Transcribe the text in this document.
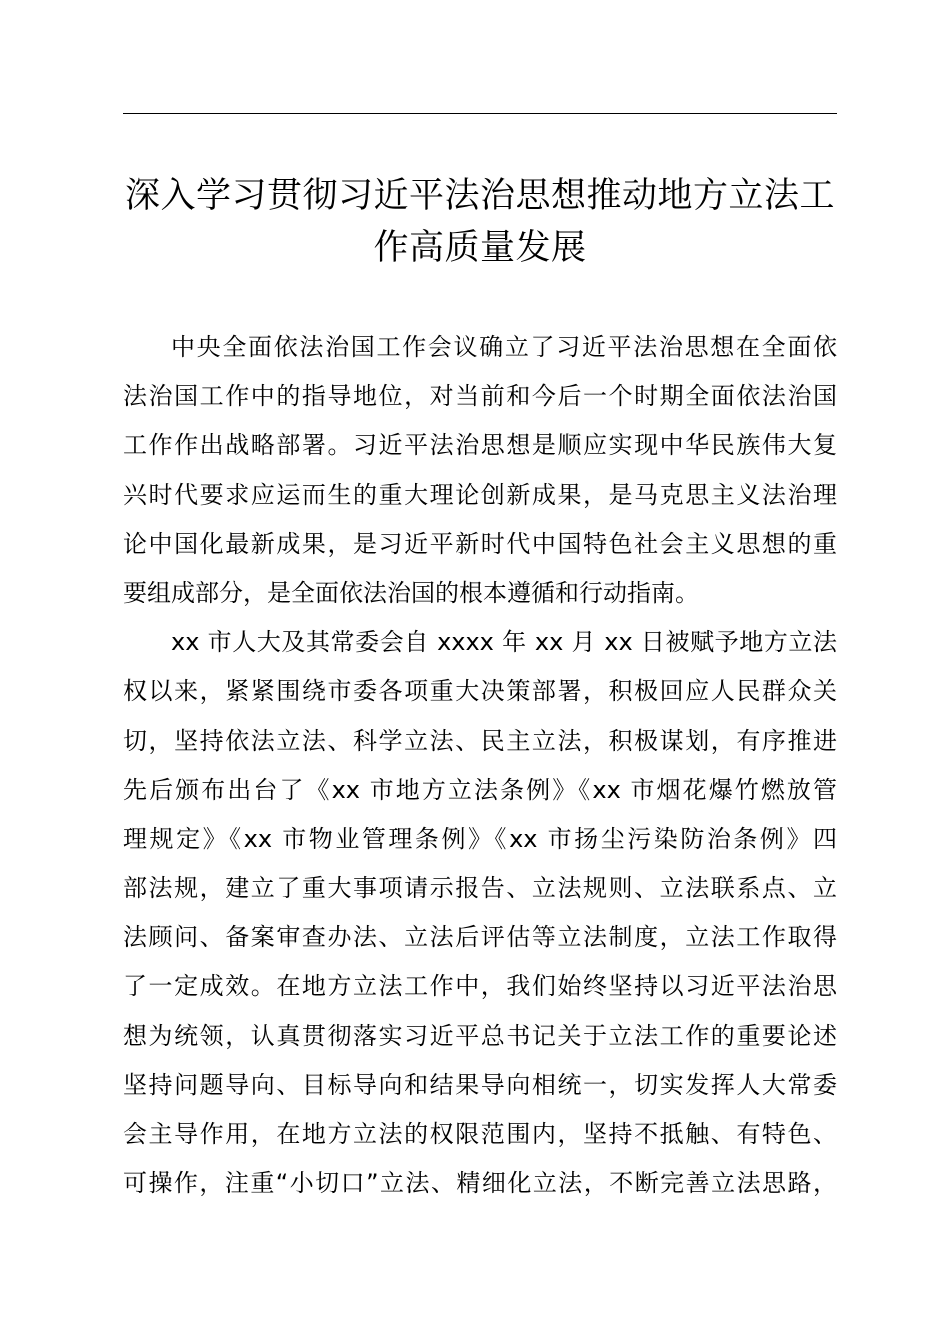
深入学习贯彻习近平法治思想推动地方立法工
作高质量发展
中央全面依法治国工作会议确立了习近平法治思想在全面依
法治国工作中的指导地位，对当前和今后一个时期全面依法治国
工作作出战略部署。习近平法治思想是顺应实现中华民族伟大复
兴时代要求应运而生的重大理论创新成果，是马克思主义法治理
论中国化最新成果，是习近平新时代中国特色社会主义思想的重
要组成部分，是全面依法治国的根本遵循和行动指南。
xx 市人大及其常委会自 xxxx 年 xx 月 xx 日被赋予地方立法
权以来，紧紧围绕市委各项重大决策部署，积极回应人民群众关
切，坚持依法立法、科学立法、民主立法，积极谋划，有序推进
先后颁布出台了《xx 市地方立法条例》《xx 市烟花爆竹燃放管
理规定》《xx 市物业管理条例》《xx 市扬尘污染防治条例》四
部法规，建立了重大事项请示报告、立法规则、立法联系点、立
法顾问、备案审查办法、立法后评估等立法制度，立法工作取得
了一定成效。在地方立法工作中，我们始终坚持以习近平法治思
想为统领，认真贯彻落实习近平总书记关于立法工作的重要论述
坚持问题导向、目标导向和结果导向相统一，切实发挥人大常委
会主导作用，在地方立法的权限范围内，坚持不抵触、有特色、
可操作，注重“小切口”立法、精细化立法，不断完善立法思路，
